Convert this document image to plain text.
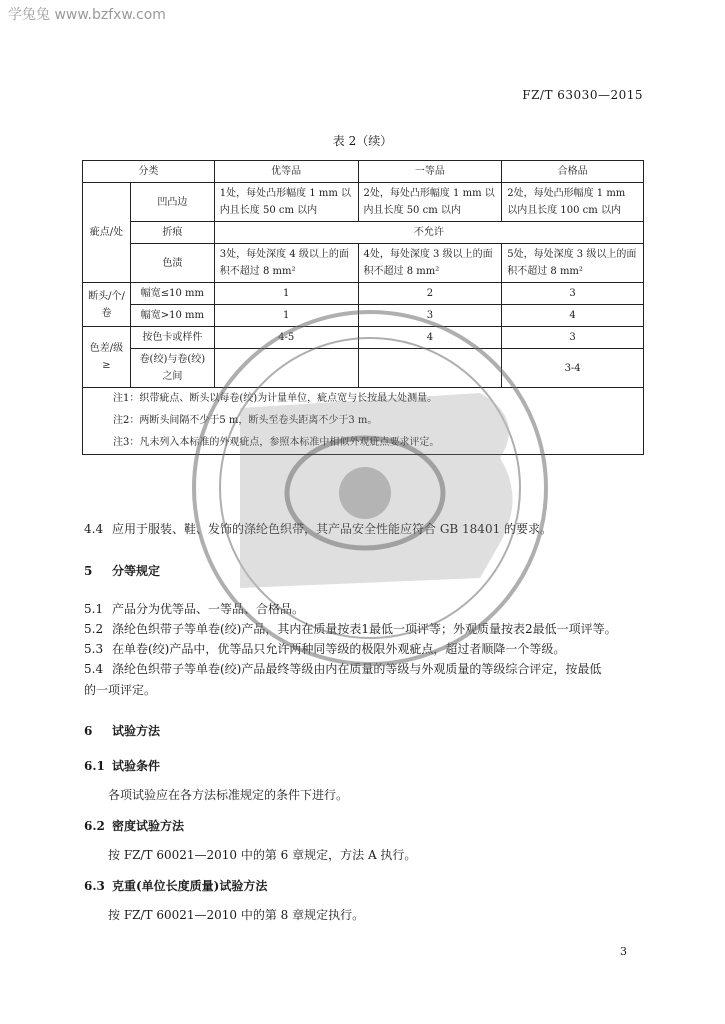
学兔兔 www.bzfxw.com
FZ/T 63030—2015
表 2（续）
分类		优等品	一等品	合格品
疵点/处	凹凸边	1处，每处凸形幅度 1 mm 以内且长度 50 cm 以内	2处，每处凸形幅度 1 mm 以内且长度 50 cm 以内	2处，每处凸形幅度 1 mm 以内且长度 100 cm 以内
	折痕	不允许		
	色渍	3处，每处深度 4 级以上的面积不超过 8 mm²	4处，每处深度 3 级以上的面积不超过 8 mm²	5处，每处深度 3 级以上的面积不超过 8 mm²
断头/个/卷	幅宽≤10 mm	1	2	3
	幅宽>10 mm	1	3	4
色差/级≥	按色卡或样件	4-5	4	3
	卷(绞)与卷(绞)之间			3-4
注1：织带疵点、断头以每卷(绞)为计量单位，疵点宽与长按最大处测量。				
注2：两断头间隔不少于5 m，断头至卷头距离不少于3 m。				
注3：凡未列入本标准的外观疵点，参照本标准中相似外观疵点要求评定。				
4.4 应用于服装、鞋、发饰的涤纶色织带，其产品安全性能应符合 GB 18401 的要求。
5 分等规定
5.1 产品分为优等品、一等品、合格品。
5.2 涤纶色织带子等单卷(绞)产品，其内在质量按表1最低一项评等；外观质量按表2最低一项评等。
5.3 在单卷(绞)产品中，优等品只允许两种同等级的极限外观疵点，超过者顺降一个等级。
5.4 涤纶色织带子等单卷(绞)产品最终等级由内在质量的等级与外观质量的等级综合评定，按最低
的一项评定。
6 试验方法
6.1 试验条件
各项试验应在各方法标准规定的条件下进行。
6.2 密度试验方法
按 FZ/T 60021—2010 中的第 6 章规定，方法 A 执行。
6.3 克重(单位长度质量)试验方法
按 FZ/T 60021—2010 中的第 8 章规定执行。
3
